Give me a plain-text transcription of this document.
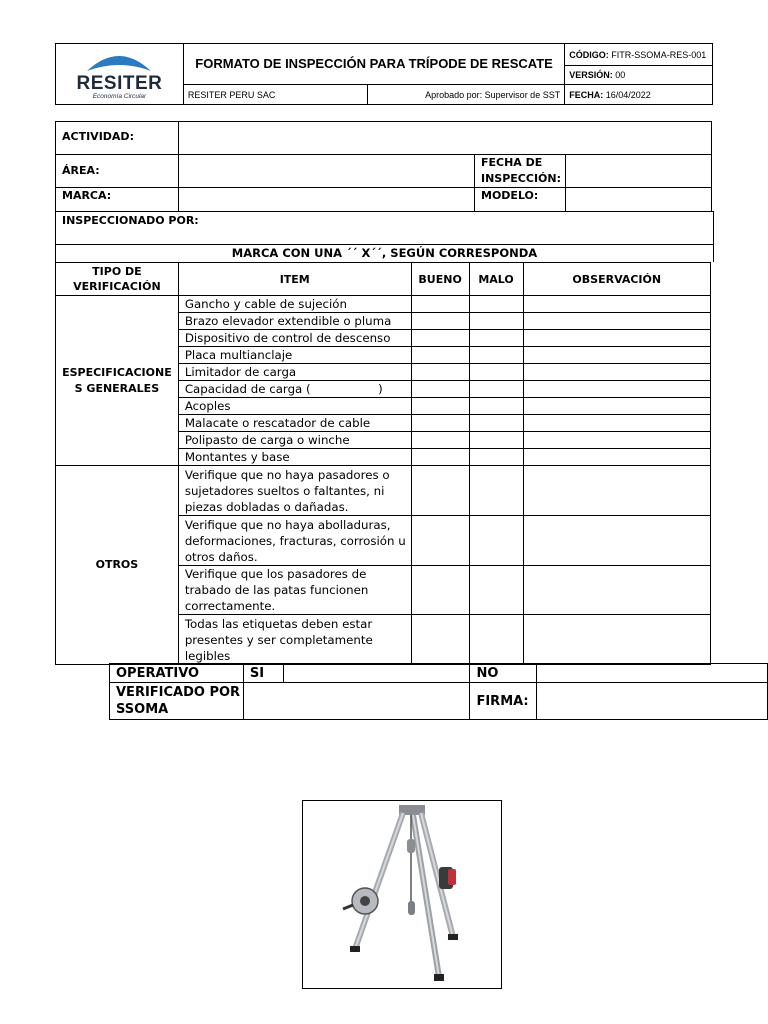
RESITER
Economía Circular	FORMATO DE INSPECCIÓN PARA TRÍPODE DE RESCATE		CÓDIGO: FITR-SSOMA-RES-001
			VERSIÓN: 00
	RESITER PERU SAC	Aprobado por: Supervisor de SST	FECHA: 16/04/2022
ACTIVIDAD:
ÁREA:
FECHA DE INSPECCIÓN:
MARCA:	MODELO:
INSPECCIONADO POR:
MARCA CON UNA ´´ X´´, SEGÚN CORRESPONDA
TIPO DE VERIFICACIÓN	ITEM	BUENO	MALO	OBSERVACIÓN
ESPECIFICACIONES GENERALES	Gancho y cable de sujeción			
	Brazo elevador extendible o pluma			
	Dispositivo de control de descenso			
	Placa multianclaje			
	Limitador de carga			
	Capacidad de carga (                  )			
	Acoples			
	Malacate o rescatador de cable			
	Polipasto de carga o winche			
	Montantes y base			
OTROS	Verifique que no haya pasadores o sujetadores sueltos o faltantes, ni piezas dobladas o dañadas.			
	Verifique que no haya abolladuras, deformaciones, fracturas, corrosión u otros daños.			
	Verifique que los pasadores de trabado de las patas funcionen correctamente.			
	Todas las etiquetas deben estar presentes y ser completamente legibles			
OPERATIVO	SI		NO	
VERIFICADO POR SSOMA			FIRMA:	
